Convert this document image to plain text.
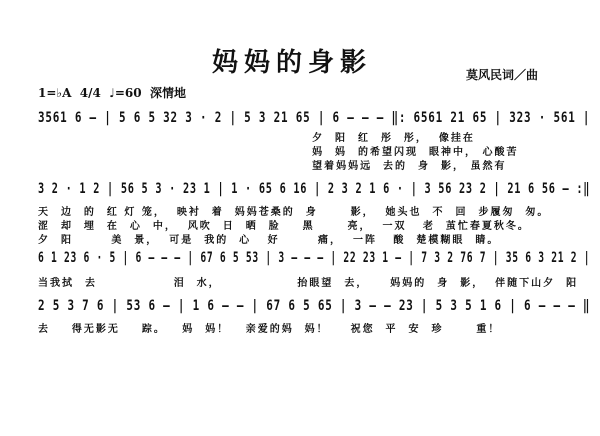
妈妈的身影	莫风民词／曲
1=♭A  4/4  ♩=60  深情地
3561 6 — | 5 6 5 32 3 · 2 | 5 3 21 65 | 6 — — — ‖: 6561 21 65 | 323 · 561 |
夕  阳  红  彤  彤，  像挂在
妈  妈  的希望闪现  眼神中， 心酸苦
望着妈妈远  去的  身  影， 虽然有
3 2 · 1 2 | 56 5 3 · 23 1 | 1 · 65 6 16 | 2 3 2 1 6 · | 3 56 23 2 | 21 6 56 — :‖
天  边  的  红 灯 笼，  映衬  着  妈妈苍桑的  身      影，  她头也  不  回  步履匆  匆。
涩  却  埋  在  心  中，  风吹  日  晒  脸    黑      亮，  一双   老  茧忙春夏秋冬。
夕  阳       美  景，  可是  我的  心   好       痛，  一阵   酸  楚模糊眼  睛。
6 1 23 6 · 5 | 6 — — — | 67 6 5 53 | 3 — — — | 22 23 1 — | 7 3 2 76 7 | 35 6 3 21 2 |
当我拭  去              泪  水，              抬眼望  去，    妈妈的  身  影，  伴随下山夕  阳
2 5 3 7 6 | 53 6 — | 1 6 — — | 67 6 5 65 | 3 — — 23 | 5 3 5 1 6 | 6 — — — ‖
去    得无影无    踪。   妈  妈！   亲爱的妈  妈！    祝您  平  安  珍      重！
